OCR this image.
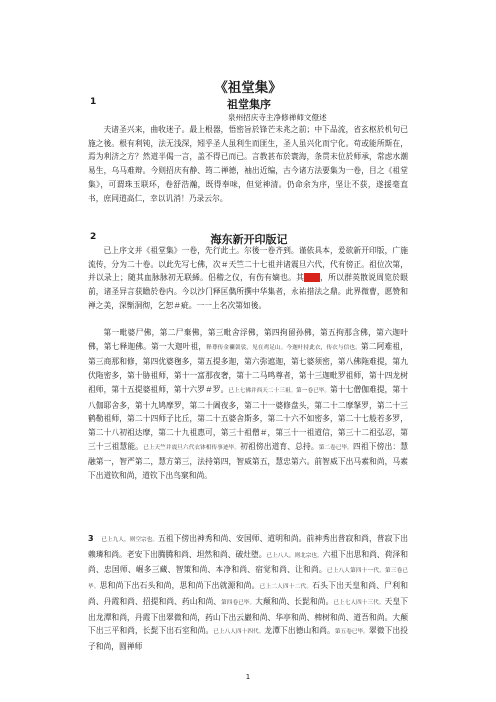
《祖堂集》
1	祖堂集序
泉州招庆寺主净修禅师文僜述

夫诸圣兴来，曲收迷子。最上根器，悟密旨於锋芒未兆之前；中下品流，省玄枢於机句已施之後。根有利钝，法无浅深，矧乎圣人虽利生而匪生，圣人虽兴化而宁化。苟或能所斯在，焉为利济之方？然道半偈一言，盖不得已而已。言教甚布於寰海，条贯未位於师承，常虑水潮易生，乌马难辩。今则招庆有静、筠二禅德，袖出近编，古今诸方法要集为一卷，目之《祖堂集》，可谓珠玉联环，卷舒浩瀚，既得奉味，但觉神清。仍命余为序，坚让不获，遂援毫直书，庶同道高仁，幸以讥消！乃录云尔。

2	海东新开印版记

已上序文并《祖堂集》一卷，先行此土。尔後一卷齐到。谨依具本，爰欲新开印版，广施流传，分为二十卷。以此先写七佛，次＃天竺二十七祖并诸震旦六代，代有傍正。祖位次第，并以录上；随其血脉脉初无联絺。侣稽之仪，有伤有嫡也。其鉴寓，所以群英散说周览於眼前，诸圣异言获瞻於卷内。今以沙门释匡儁所撰中华集者，永祐措法之鼎。此界微曹，愿赞和禅之美，深惭洞彻，乞恕＃疵。一一上名次第如後。

第一毗婆尸佛，第二尸棄佛，第三毗舍浮佛，第四拘留孙佛，第五拘那含佛，第六迦叶佛，第七释迦佛。第一大迦叶祖，释尊传金襴袈裟，见在鸡足山。今迦叶持此衣，传衣与信也。第二阿难祖，第三商那和修，第四优婆毱多，第五提多迦，第六弥遮迦，第七婆须密，第八佛陁难提，第九伏陁密多，第十胁祖师，第十一富那夜奢，第十二马鸣尊者，第十三迦毗罗祖师，第十四龙树祖师，第十五提婆祖师，第十六罗＃罗。已上七佛并西天二十三祖。第一卷已毕。第十七僧伽难提，第十八伽耶舍多，第十九鸠摩罗，第二十阇夜多，第二十一婆修盘头，第二十二摩拏罗，第二十三鹤勒祖师，第二十四师子比丘，第二十五婆舍斯多，第二十六不如密多，第二十七般若多罗，第二十八初祖达摩，第二十九祖惠可，第三十祖僧＃，第三十一祖道信，第三十二祖弘忍，第三十三祖慧能。已上天竺并震旦六代衣钵相传事迹毕。初祖傍出道育、总持。第二卷已毕。四祖下傍出：慧融第一，智严第二，慧方第三，法持第四，智威第五，慧忠第六。前智威下出马素和尚，马素下出道钦和尚，道钦下出鸟窠和尚。

3  已上九人，则空宗也。五祖下傍出神秀和尚、安国师、道明和尚。前神秀出普寂和尚，普寂下出赖璘和尚。老安下出腾腾和尚、坦然和尚、破灶堕。已上八人，则北宗也。六祖下出思和尚、荷泽和尚、忠国师、崛多三藏、智策和尚、本净和尚、宿觉和尚、让和尚。已上八人第四十一代。第三卷已毕。思和尚下出石头和尚，思和尚下出就源和尚。已上二人四十二代。石头下出天皇和尚、尸利和尚、丹霞和尚、招提和尚、药山和尚、第四卷已毕。大颠和尚、长髭和尚。已上七人四十三代。天皇下出龙潭和尚，丹霞下出翠微和尚，药山下出云巖和尚、华亭和尚、椑树和尚、道吾和尚。大颠下出三平和尚，长髭下出石室和尚。已上八人四十四代。龙潭下出德山和尚。第五卷已毕。翠微下出投子和尚，圆禅师

1
